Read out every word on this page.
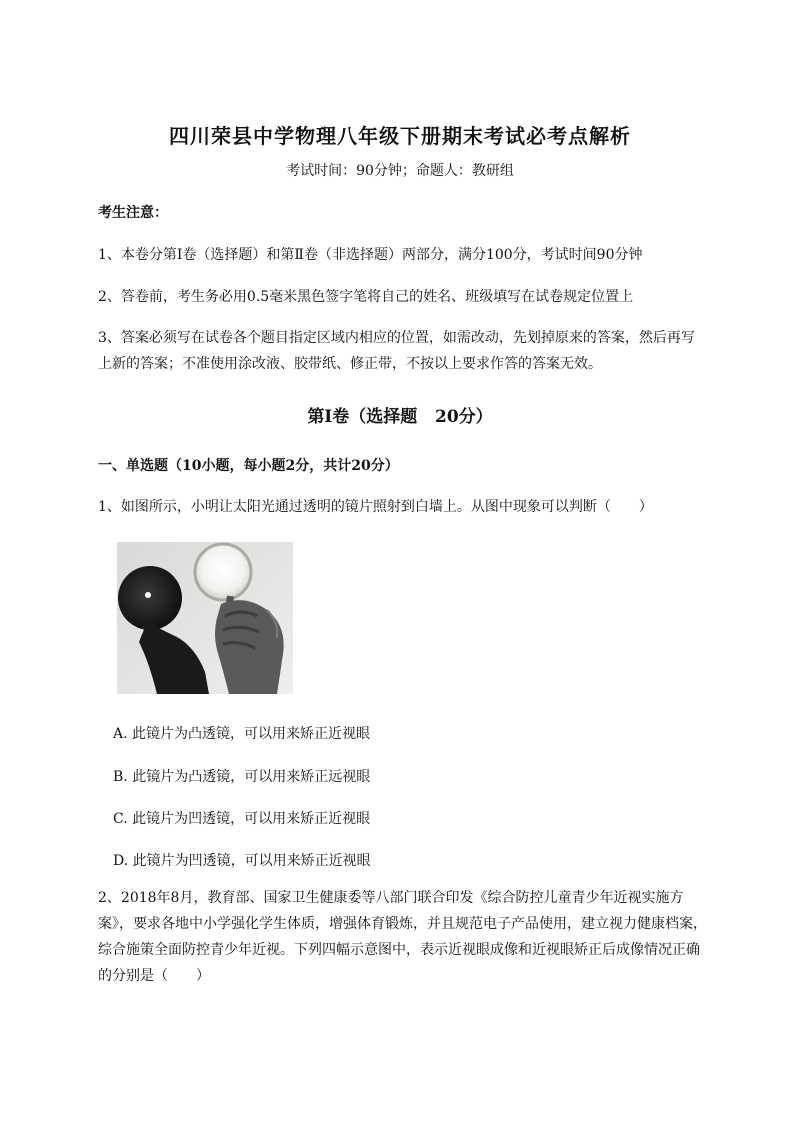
四川荣县中学物理八年级下册期末考试必考点解析
考试时间：90分钟；命题人：教研组
考生注意：
1、本卷分第I卷（选择题）和第Ⅱ卷（非选择题）两部分，满分100分，考试时间90分钟
2、答卷前，考生务必用0.5毫米黑色签字笔将自己的姓名、班级填写在试卷规定位置上
3、答案必须写在试卷各个题目指定区域内相应的位置，如需改动，先划掉原来的答案，然后再写上新的答案；不准使用涂改液、胶带纸、修正带，不按以上要求作答的答案无效。
第I卷（选择题   20分）
一、单选题（10小题，每小题2分，共计20分）
1、如图所示，小明让太阳光通过透明的镜片照射到白墙上。从图中现象可以判断（　　）
A. 此镜片为凸透镜，可以用来矫正近视眼
B. 此镜片为凸透镜，可以用来矫正远视眼
C. 此镜片为凹透镜，可以用来矫正近视眼
D. 此镜片为凹透镜，可以用来矫正近视眼
2、2018年8月，教育部、国家卫生健康委等八部门联合印发《综合防控儿童青少年近视实施方案》，要求各地中小学强化学生体质，增强体育锻炼，并且规范电子产品使用，建立视力健康档案，综合施策全面防控青少年近视。下列四幅示意图中，表示近视眼成像和近视眼矫正后成像情况正确的分别是（　　）
